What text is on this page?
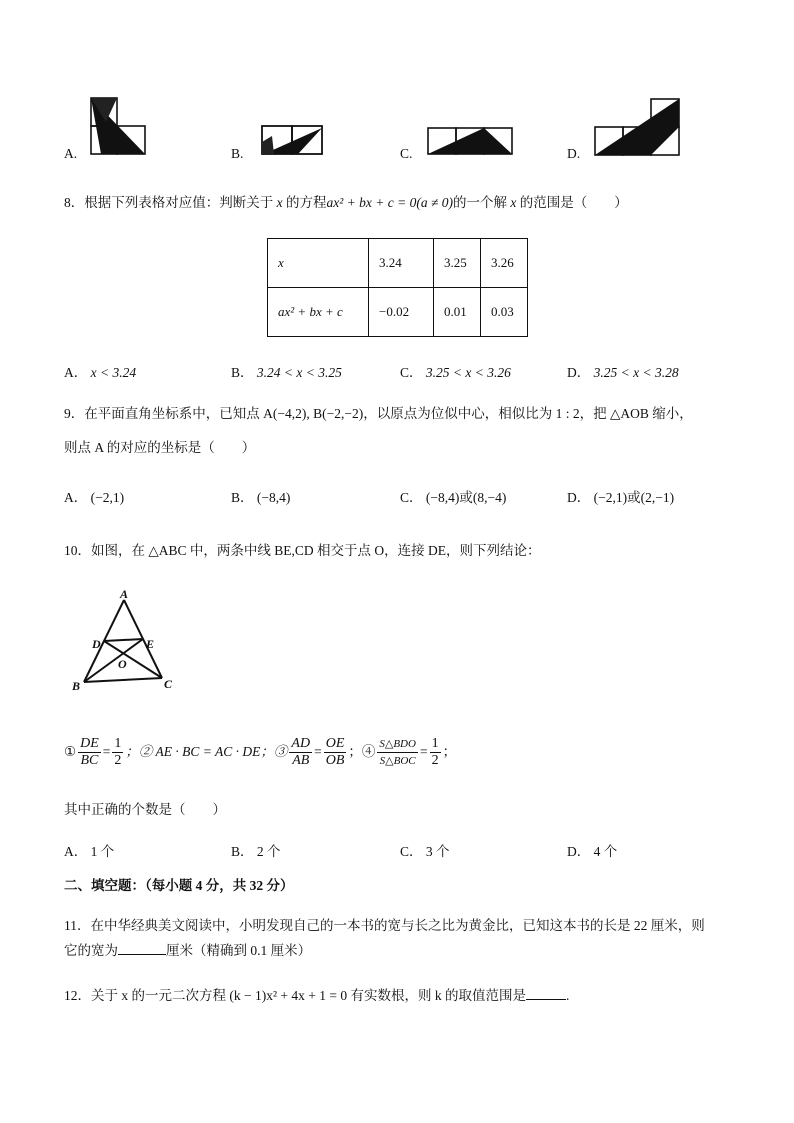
A.	B.	C.	D.
8．根据下列表格对应值：判断关于 x 的方程ax² + bx + c = 0(a ≠ 0)的一个解 x 的范围是（　　）
x	3.24	3.25	3.26
ax² + bx + c	−0.02	0.01	0.03
A． x < 3.24	B． 3.24 < x < 3.25	C． 3.25 < x < 3.26	D． 3.25 < x < 3.28
9．在平面直角坐标系中，已知点 A(−4,2), B(−2,−2)，以原点为位似中心，相似比为 1 : 2，把 △AOB 缩小，
则点 A 的对应的坐标是（　　）
A． (−2,1)	B． (−8,4)	C． (−8,4)或(8,−4)	D． (−2,1)或(2,−1)
10．如图，在 △ABC 中，两条中线 BE,CD 相交于点 O，连接 DE，则下列结论：
A
D	E
O
B	C
① $\frac{DE}{BC} = \frac{1}{2}$ ；② AE · BC = AC · DE；③ $\frac{AD}{AB} = \frac{OE}{OB}$ ；④ $\frac{\text{S△BDO}}{\text{S△BOC}} = \frac{1}{2}$ ；
其中正确的个数是（　　）
A． 1 个	B． 2 个	C． 3 个	D． 4 个
二、填空题：（每小题 4 分，共 32 分）
11．在中华经典美文阅读中，小明发现自己的一本书的宽与长之比为黄金比，已知这本书的长是 22 厘米，则
它的宽为	厘米（精确到 0.1 厘米）
12．关于 x 的一元二次方程 (k − 1)x² + 4x + 1 = 0 有实数根，则 k 的取值范围是	.
